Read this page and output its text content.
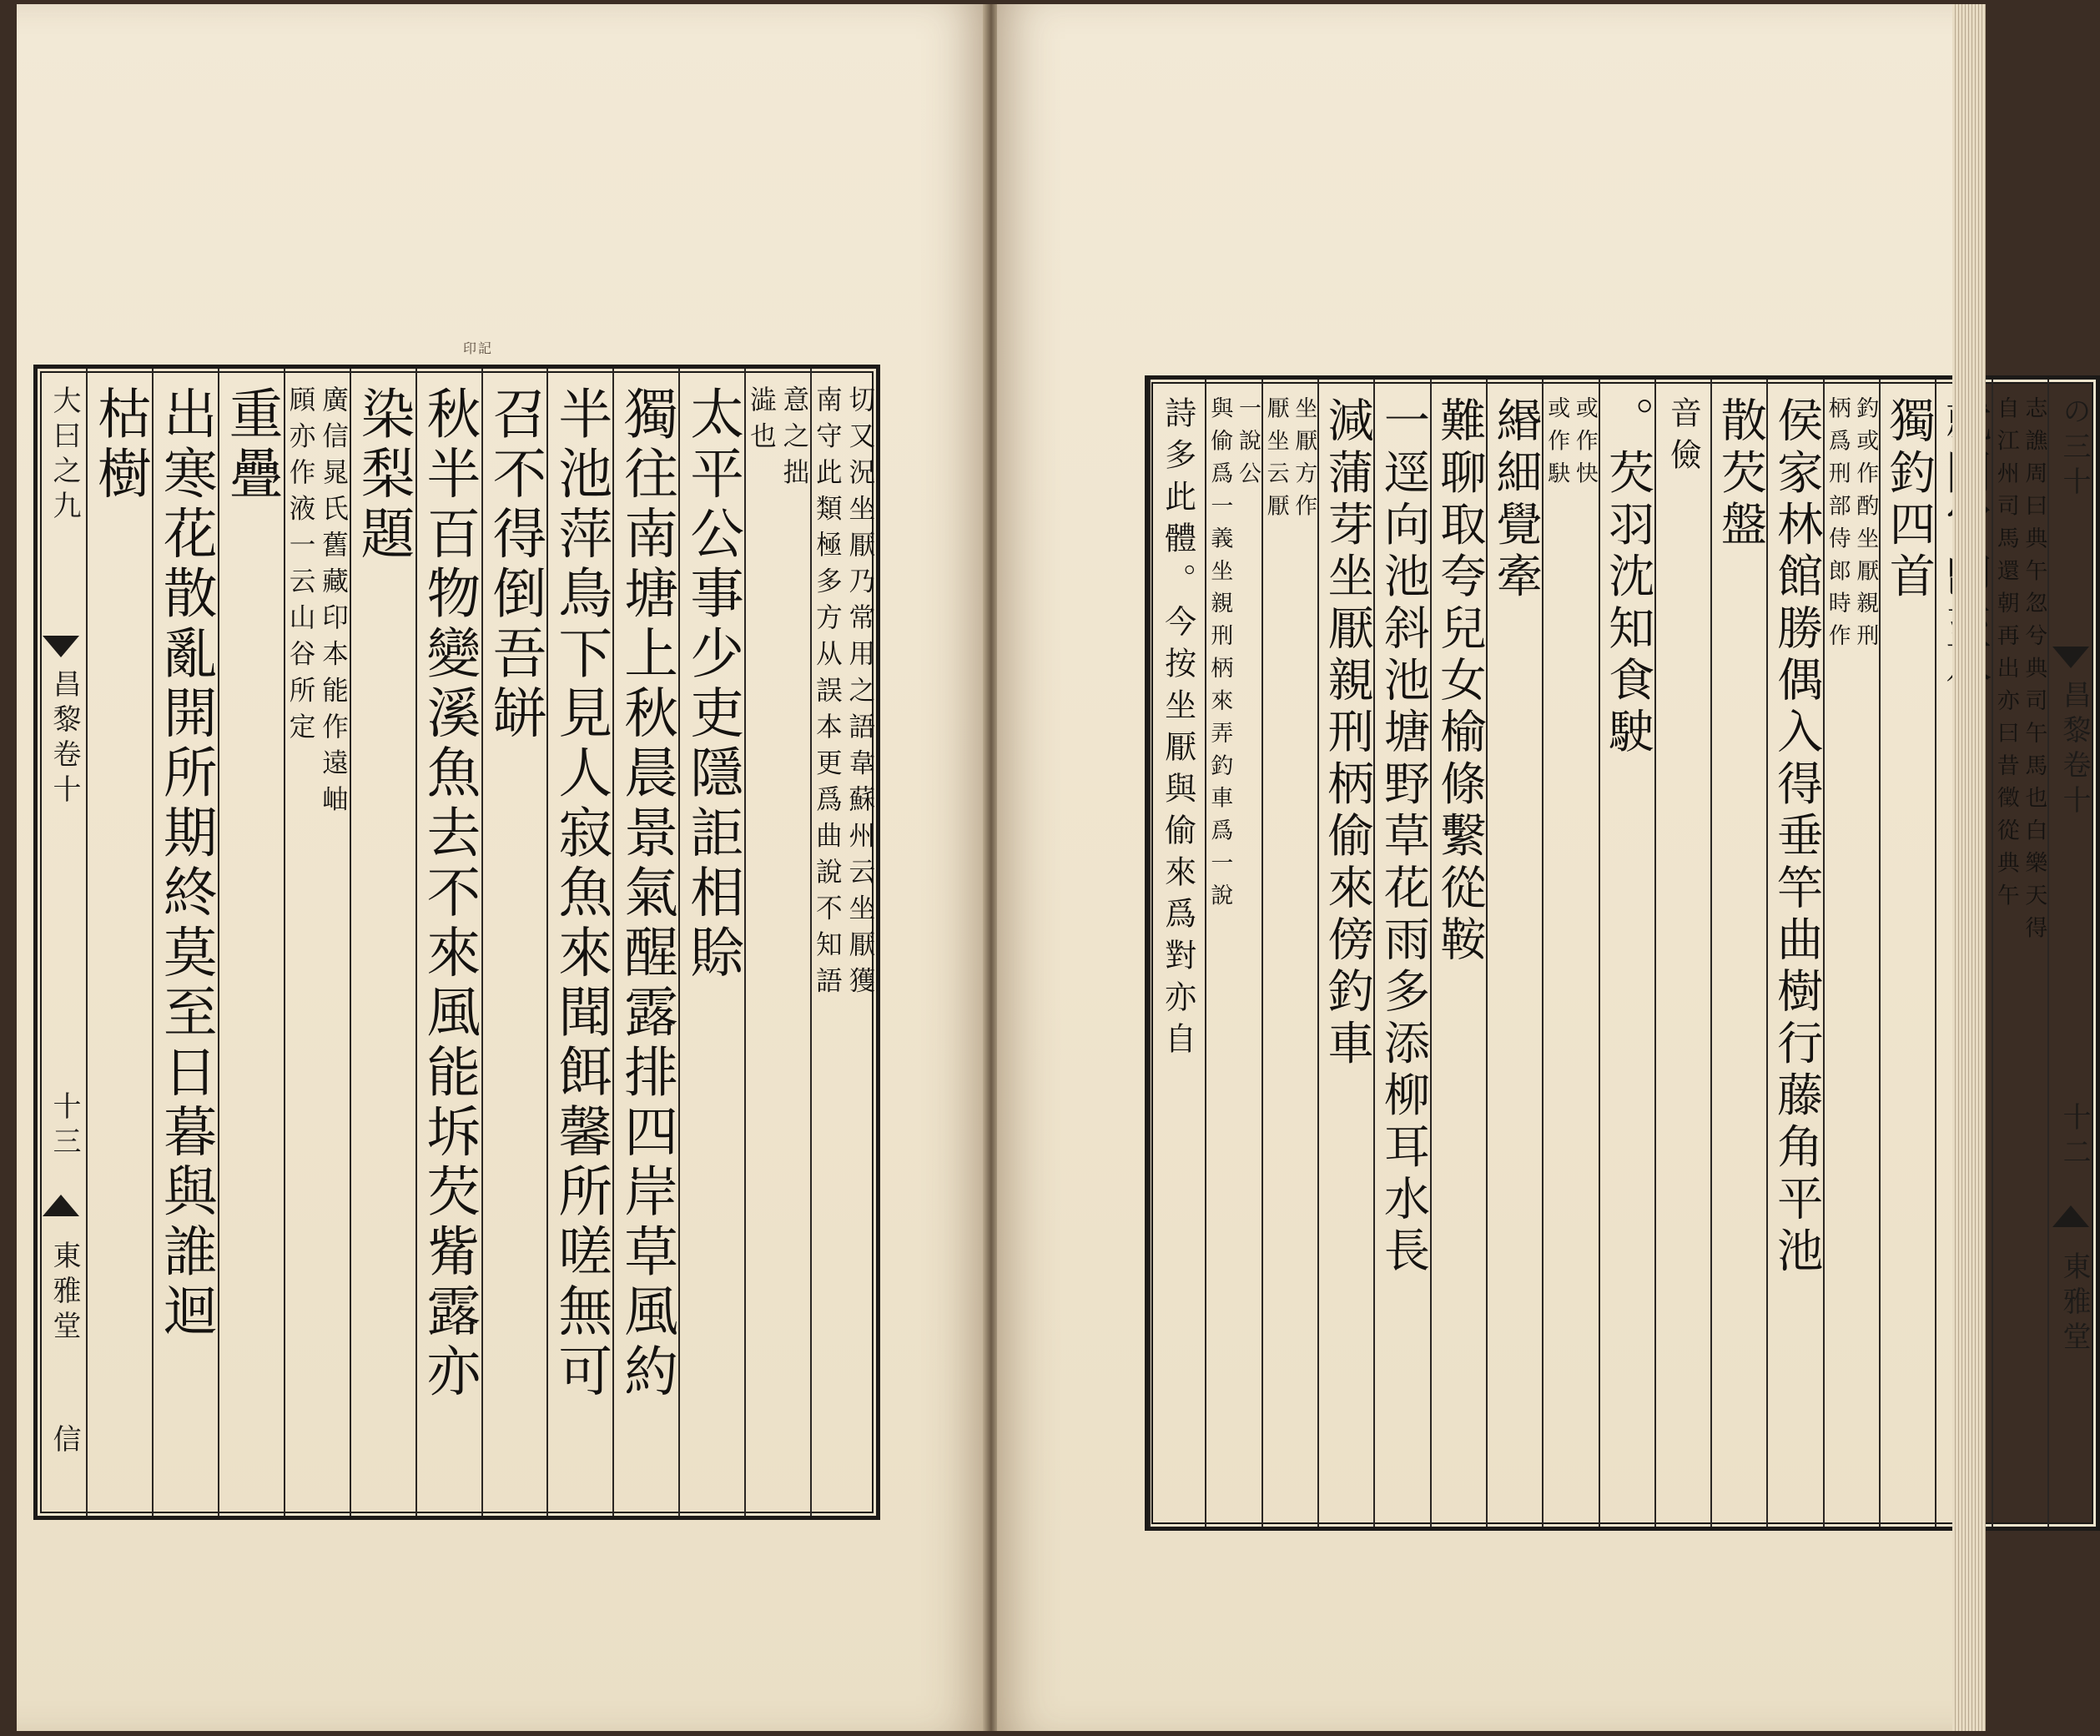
印記
切又況坐厭乃常用之語韋蘇州云坐厭獲
南守此類極多方从誤本更爲曲說不知語
意之拙
澁也
太平公事少吏隱詎相賒
獨往南塘上秋晨景氣醒露排四岸草風約
半池萍鳥下見人寂魚來聞餌馨所嗟無可
召不得倒吾缾
秋半百物變溪魚去不來風能坼芡觜露亦
染梨題
廣信晁氏舊藏印本能作遠岫
頋亦作液一云山谷所定
重疊
出寒花散亂開所期終莫至日暮與誰迴
枯樹
大曰之九
昌黎卷十
十三
東雅堂
信
志譙周曰典午忽兮典司午馬也白樂天得
自江州司馬還朝再出亦曰昔徵從典午
獨釣四首
釣或作酌坐厭親刑
柄爲刑部侍郎時作
侯家林館勝偶入得垂竿曲樹行藤角平池
散芡盤
音儉
。芡羽沈知食駛
或作快
或作駃
緡細覺牽
難聊取夸兒女榆條繫從鞍
一逕向池斜池塘野草花雨多添柳耳水長
減蒲芽坐厭親刑柄偷來傍釣車
坐厭方作
厭坐云厭
一說公
與偷爲一義坐親刑柄來弄釣車爲一說
詩多此體。今按坐厭與偷來爲對亦自	の三十
昌黎卷十
十二
東雅堂
